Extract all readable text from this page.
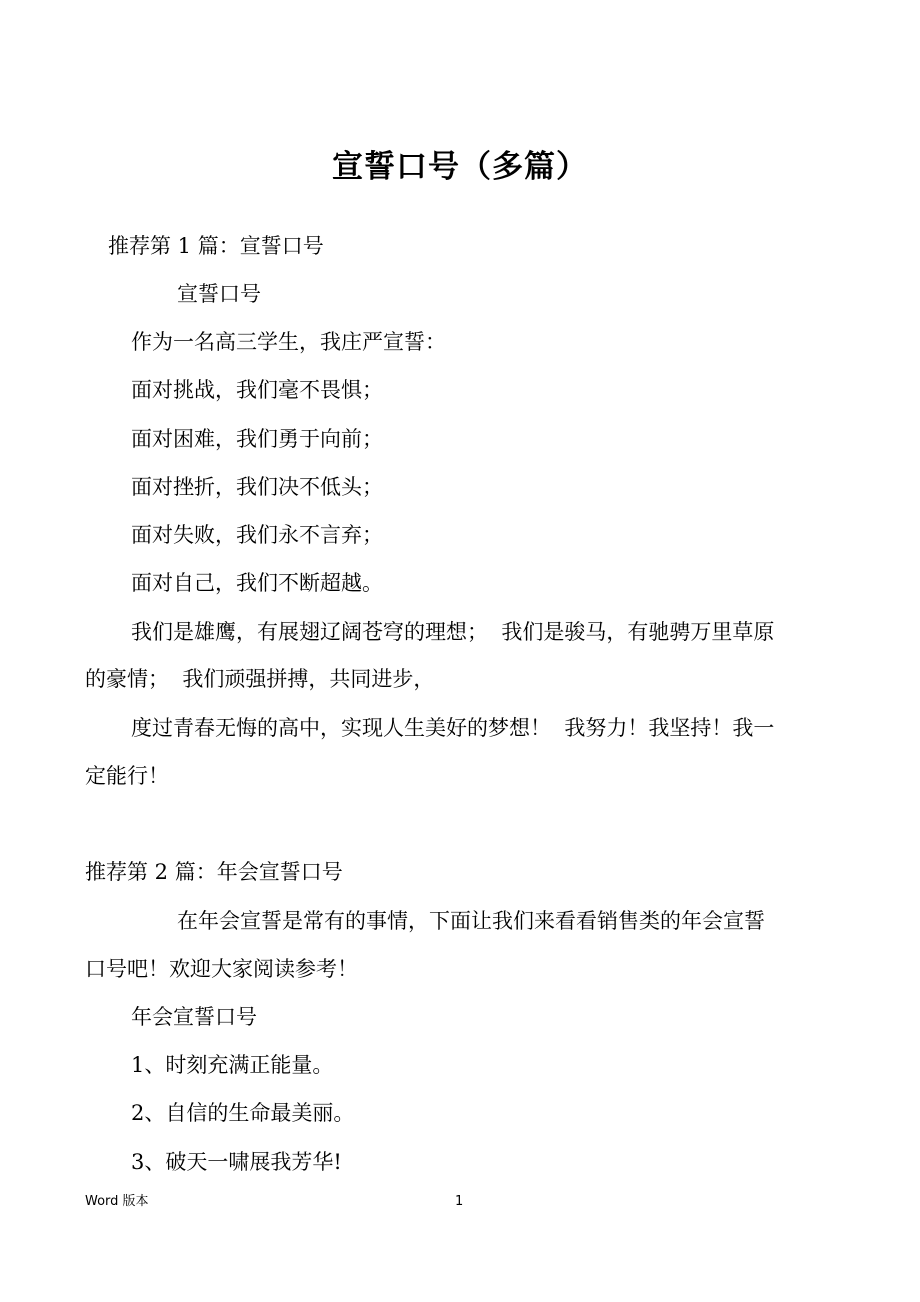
宣誓口号（多篇）
推荐第 1 篇：宣誓口号
宣誓口号
作为一名高三学生，我庄严宣誓：
面对挑战，我们毫不畏惧；
面对困难，我们勇于向前；
面对挫折，我们决不低头；
面对失败，我们永不言弃；
面对自己，我们不断超越。
我们是雄鹰，有展翅辽阔苍穹的理想；  我们是骏马，有驰骋万里草原
的豪情；  我们顽强拼搏，共同进步，
度过青春无悔的高中，实现人生美好的梦想！  我努力！我坚持！我一
定能行！
推荐第 2 篇：年会宣誓口号
在年会宣誓是常有的事情，下面让我们来看看销售类的年会宣誓
口号吧！欢迎大家阅读参考！
年会宣誓口号
1、时刻充满正能量。
2、自信的生命最美丽。
3、破天一啸展我芳华!
Word 版本	1
